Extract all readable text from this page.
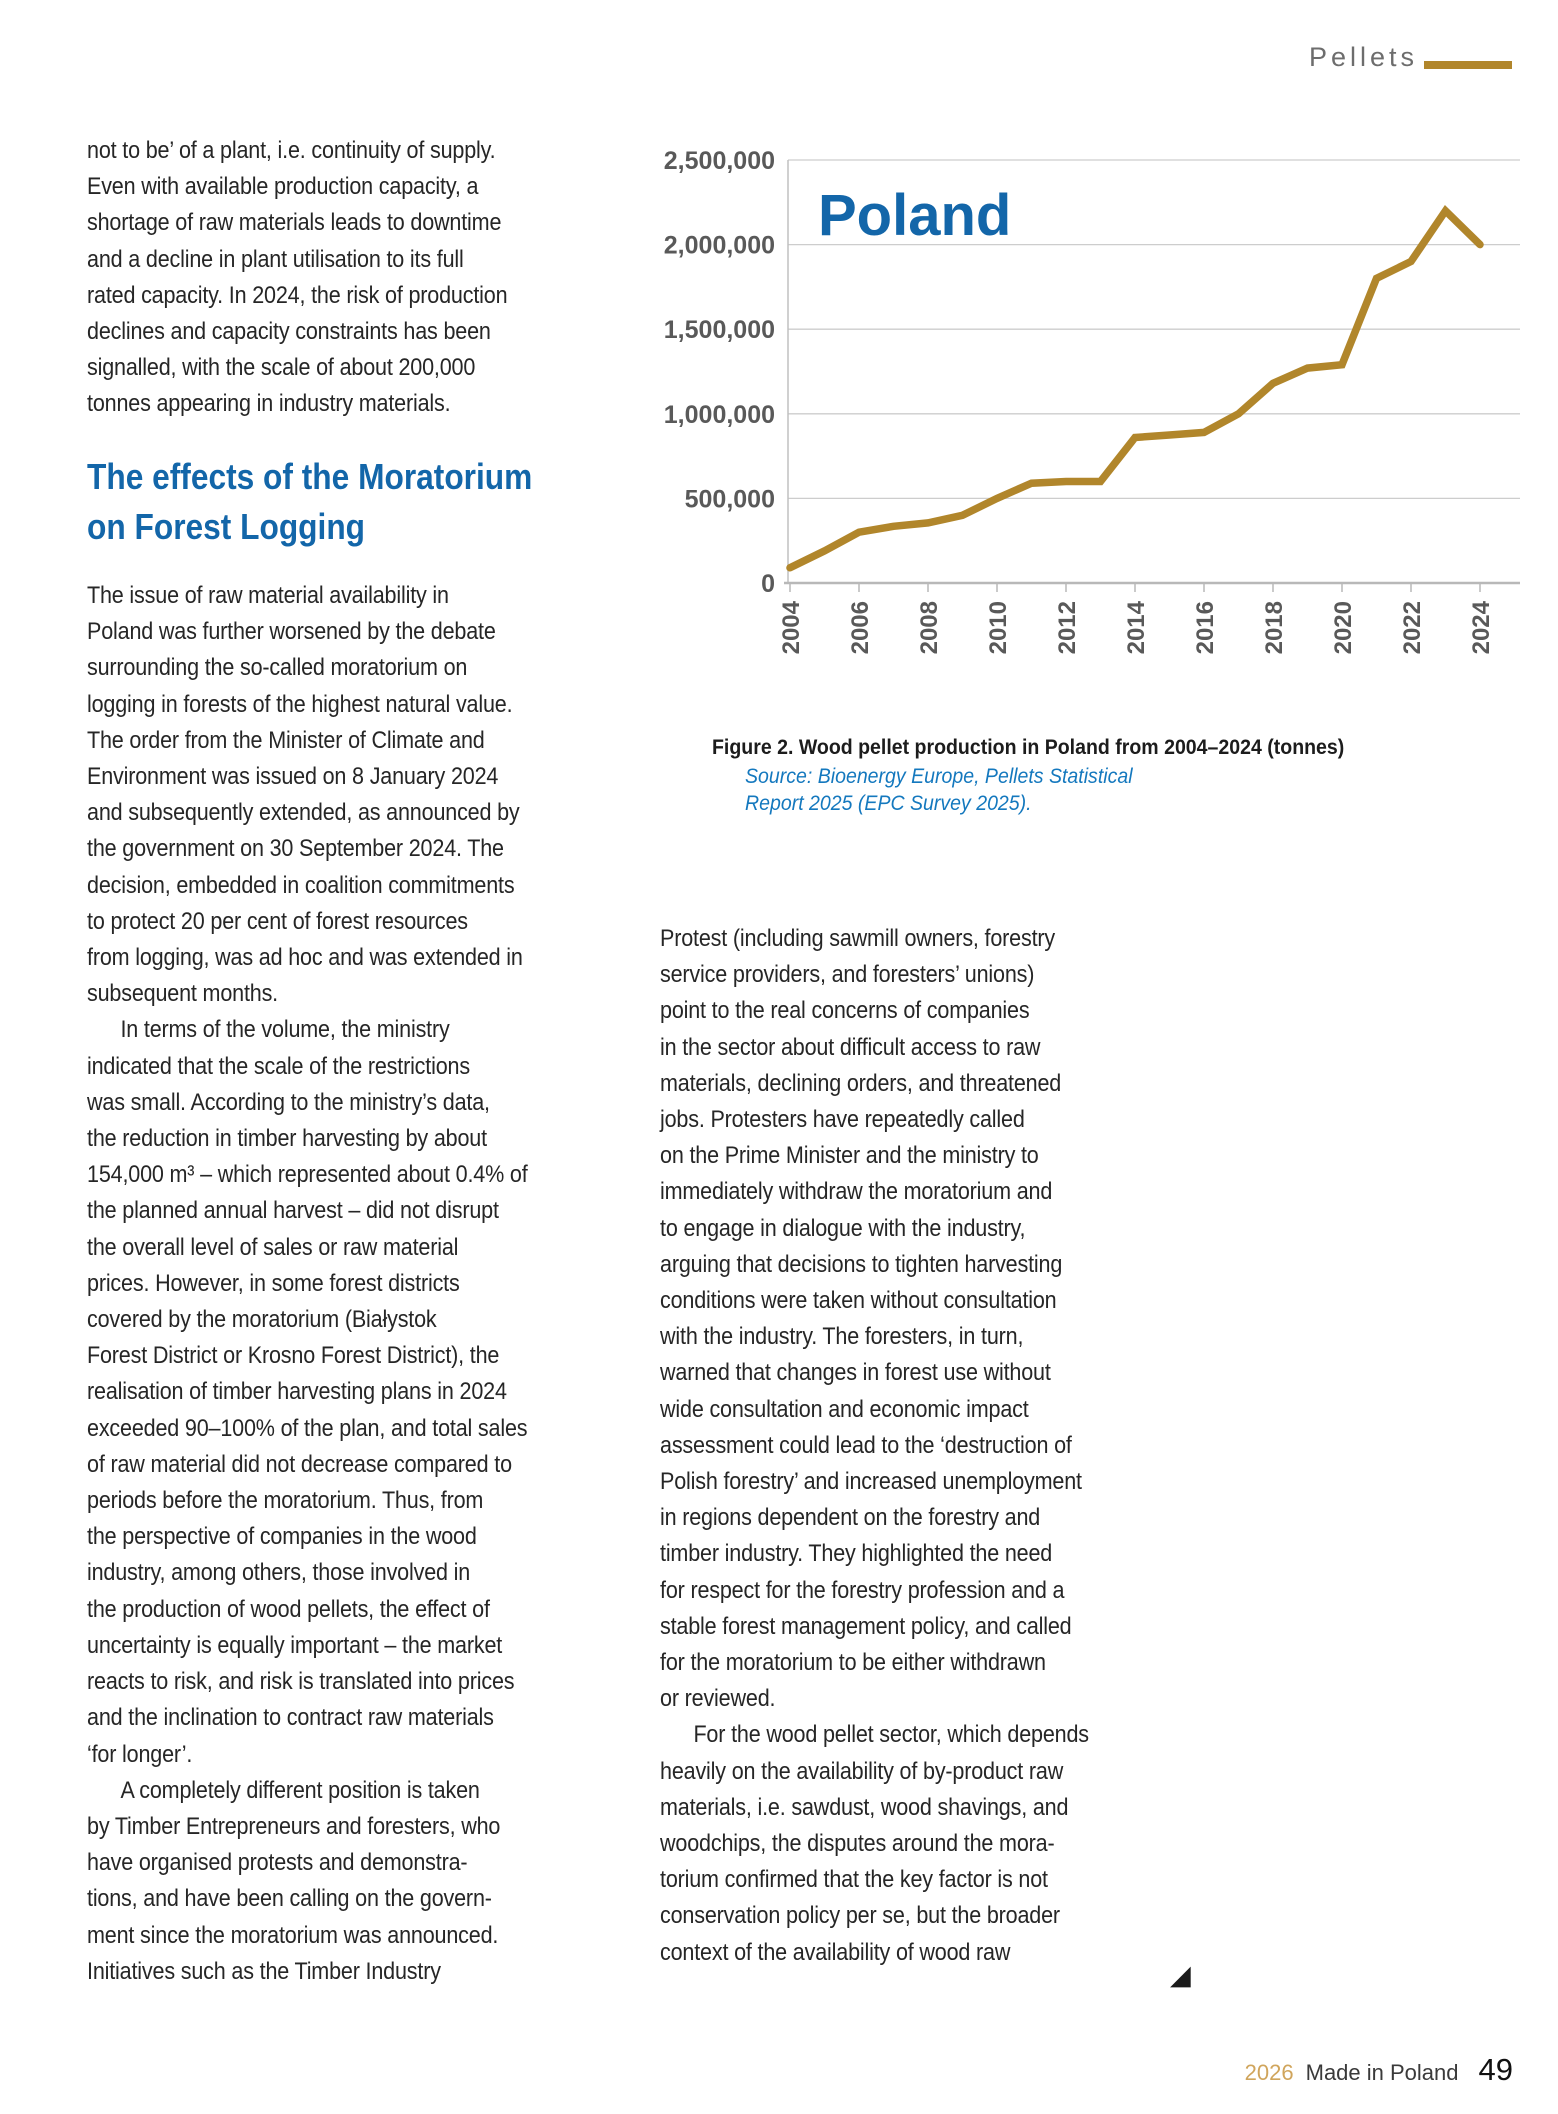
Pellets
0
500,000
1,000,000
1,500,000
2,000,000
2,500,000
2004 2006 2008 2010 2012 2014 2016 2018 2020 2022 2024
Poland
Figure 2. Wood pellet production in Poland from 2004–2024 (tonnes)
Source: Bioenergy Europe, Pellets Statistical
Report 2025 (EPC Survey 2025).
not to be’ of a plant, i.e. continuity of supply.
Even with available production capacity, a
shortage of raw materials leads to downtime
and a decline in plant utilisation to its full
rated capacity. In 2024, the risk of production
declines and capacity constraints has been
signalled, with the scale of about 200,000
tonnes appearing in industry materials.
The effects of the Moratorium
on Forest Logging
The issue of raw material availability in
Poland was further worsened by the debate
surrounding the so-called moratorium on
logging in forests of the highest natural value.
The order from the Minister of Climate and
Environment was issued on 8 January 2024
and subsequently extended, as announced by
the government on 30 September 2024. The
decision, embedded in coalition commitments
to protect 20 per cent of forest resources
from logging, was ad hoc and was extended in
subsequent months.
In terms of the volume, the ministry
indicated that the scale of the restrictions
was small. According to the ministry’s data,
the reduction in timber harvesting by about
154,000 m³ – which represented about 0.4% of
the planned annual harvest – did not disrupt
the overall level of sales or raw material
prices. However, in some forest districts
covered by the moratorium (Białystok
Forest District or Krosno Forest District), the
realisation of timber harvesting plans in 2024
exceeded 90–100% of the plan, and total sales
of raw material did not decrease compared to
periods before the moratorium. Thus, from
the perspective of companies in the wood
industry, among others, those involved in
the production of wood pellets, the effect of
uncertainty is equally important – the market
reacts to risk, and risk is translated into prices
and the inclination to contract raw materials
‘for longer’.
A completely different position is taken
by Timber Entrepreneurs and foresters, who
have organised protests and demonstra-
tions, and have been calling on the govern-
ment since the moratorium was announced.
Initiatives such as the Timber Industry
Protest (including sawmill owners, forestry
service providers, and foresters’ unions)
point to the real concerns of companies
in the sector about difficult access to raw
materials, declining orders, and threatened
jobs. Protesters have repeatedly called
on the Prime Minister and the ministry to
immediately withdraw the moratorium and
to engage in dialogue with the industry,
arguing that decisions to tighten harvesting
conditions were taken without consultation
with the industry. The foresters, in turn,
warned that changes in forest use without
wide consultation and economic impact
assessment could lead to the ‘destruction of
Polish forestry’ and increased unemployment
in regions dependent on the forestry and
timber industry. They highlighted the need
for respect for the forestry profession and a
stable forest management policy, and called
for the moratorium to be either withdrawn
or reviewed.
For the wood pellet sector, which depends
heavily on the availability of by-product raw
materials, i.e. sawdust, wood shavings, and
woodchips, the disputes around the mora-
torium confirmed that the key factor is not
conservation policy per se, but the broader
context of the availability of wood raw
◢
2026 Made in Poland 49
